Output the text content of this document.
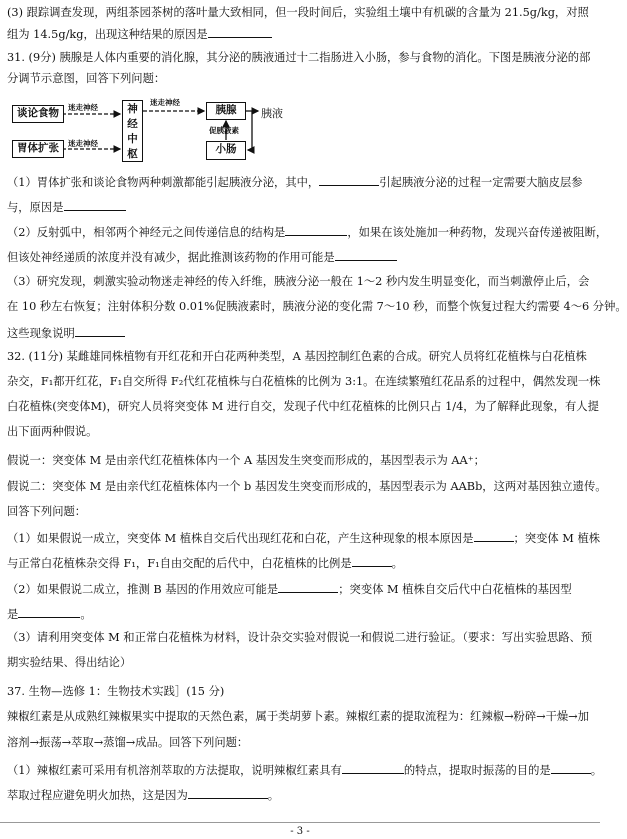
(3) 跟踪调查发现，两组茶园茶树的落叶量大致相同，但一段时间后，实验组土壤中有机碳的含量为 21.5g/kg，对照
组为 14.5g/kg，出现这种结果的原因是
31. (9分) 胰腺是人体内重要的消化腺，其分泌的胰液通过十二指肠进入小肠，参与食物的消化。下图是胰液分泌的部
分调节示意图，回答下列问题：
谈论食物
胃体扩张
神经中枢
胰腺
小肠
胰液
迷走神经
迷走神经
迷走神经
促胰液素
（1）胃体扩张和谈论食物两种刺激都能引起胰液分泌，其中，	引起胰液分泌的过程一定需要大脑皮层参
与，原因是
（2）反射弧中，相邻两个神经元之间传递信息的结构是	，如果在该处施加一种药物，发现兴奋传递被阻断，
但该处神经递质的浓度并没有减少，据此推测该药物的作用可能是
（3）研究发现，刺激实验动物迷走神经的传入纤维，胰液分泌一般在 1～2 秒内发生明显变化，而当刺激停止后，会
在 10 秒左右恢复；注射体积分数 0.01%促胰液素时，胰液分泌的变化需 7～10 秒，而整个恢复过程大约需要 4～6 分钟。
这些现象说明
32. (11分) 某雌雄同株植物有开红花和开白花两种类型，A 基因控制红色素的合成。研究人员将红花植株与白花植株
杂交，F₁都开红花，F₁自交所得 F₂代红花植株与白花植株的比例为 3:1。在连续繁殖红花品系的过程中，偶然发现一株
白花植株(突变体M)，研究人员将突变体 M 进行自交，发现子代中红花植株的比例只占 1/4，为了解释此现象，有人提
出下面两种假说。
假说一：突变体 M 是由亲代红花植株体内一个 A 基因发生突变而形成的，基因型表示为 AA⁺；
假说二：突变体 M 是由亲代红花植株体内一个 b 基因发生突变而形成的，基因型表示为 AABb，这两对基因独立遗传。
回答下列问题：
（1）如果假说一成立，突变体 M 植株自交后代出现红花和白花，产生这种现象的根本原因是	；突变体 M 植株
与正常白花植株杂交得 F₁，F₁自由交配的后代中，白花植株的比例是	。
（2）如果假说二成立，推测 B 基因的作用效应可能是	；突变体 M 植株自交后代中白花植株的基因型
是	。
（3）请利用突变体 M 和正常白花植株为材料，设计杂交实验对假说一和假说二进行验证。（要求：写出实验思路、预
期实验结果、得出结论）
37. 生物—选修 1：生物技术实践］(15 分)
辣椒红素是从成熟红辣椒果实中提取的天然色素，属于类胡萝卜素。辣椒红素的提取流程为：红辣椒→粉碎→干燥→加
溶剂→振荡→萃取→蒸馏→成品。回答下列问题：
（1）辣椒红素可采用有机溶剂萃取的方法提取，说明辣椒红素具有	的特点，提取时振荡的目的是	。
萃取过程应避免明火加热，这是因为	。
- 3 -
